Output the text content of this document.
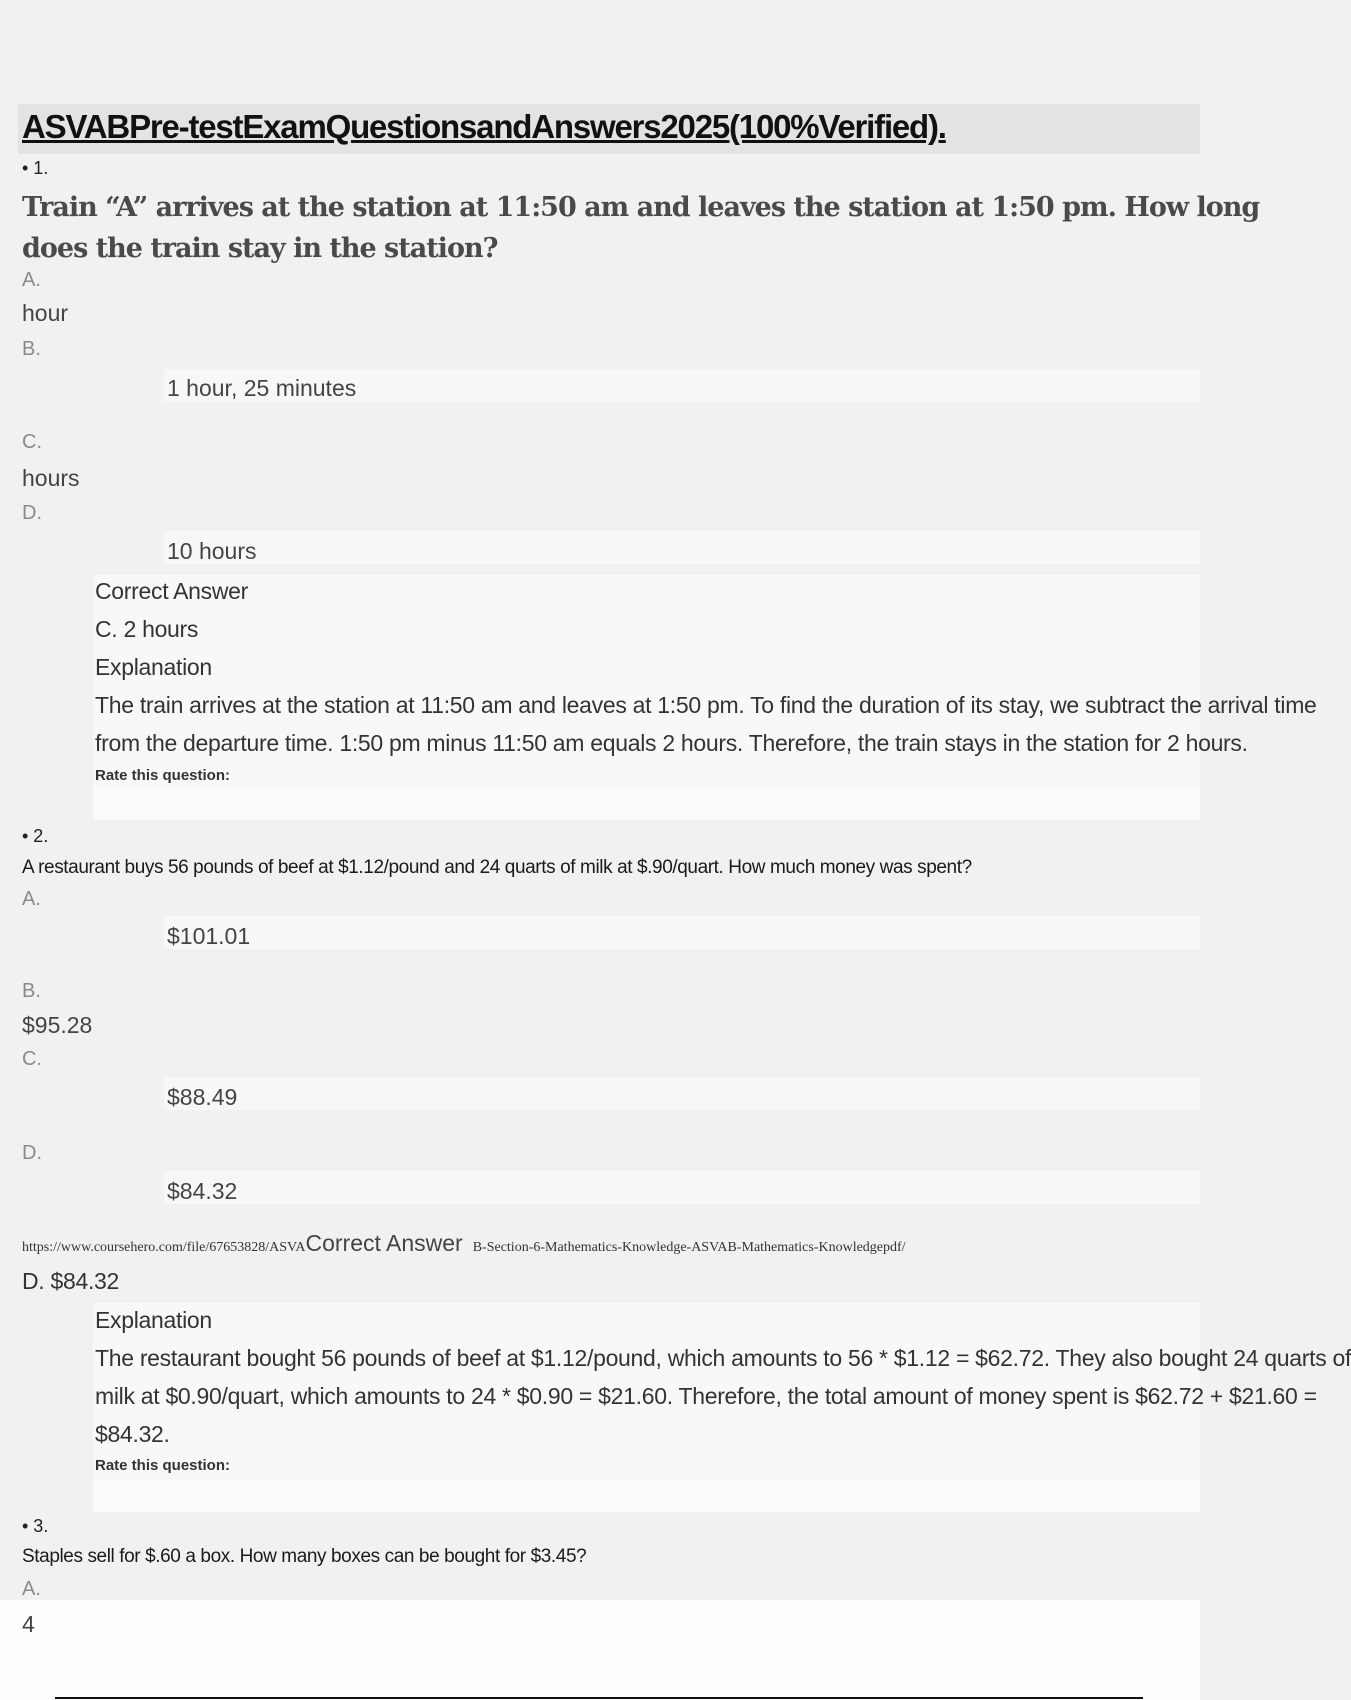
ASVABPre-testExamQuestionsandAnswers2025(100%Verified).
• 1.
Train “A” arrives at the station at 11:50 am and leaves the station at 1:50 pm. How long does the train stay in the station?
A.
hour
B.
1 hour, 25 minutes
C.
hours
D.
10 hours
Correct Answer
C. 2 hours
Explanation
The train arrives at the station at 11:50 am and leaves at 1:50 pm. To find the duration of its stay, we subtract the arrival time
from the departure time. 1:50 pm minus 11:50 am equals 2 hours. Therefore, the train stays in the station for 2 hours.
Rate this question:
• 2.
A restaurant buys 56 pounds of beef at $1.12/pound and 24 quarts of milk at $.90/quart. How much money was spent?
A.
$101.01
B.
$95.28
C.
$88.49
D.
$84.32
https://www.coursehero.com/file/67653828/ASVACorrect Answer B-Section-6-Mathematics-Knowledge-ASVAB-Mathematics-Knowledgepdf/
D. $84.32
Explanation
The restaurant bought 56 pounds of beef at $1.12/pound, which amounts to 56 * $1.12 = $62.72. They also bought 24 quarts of
milk at $0.90/quart, which amounts to 24 * $0.90 = $21.60. Therefore, the total amount of money spent is $62.72 + $21.60 =
$84.32.
Rate this question:
• 3.
Staples sell for $.60 a box. How many boxes can be bought for $3.45?
A.
4
